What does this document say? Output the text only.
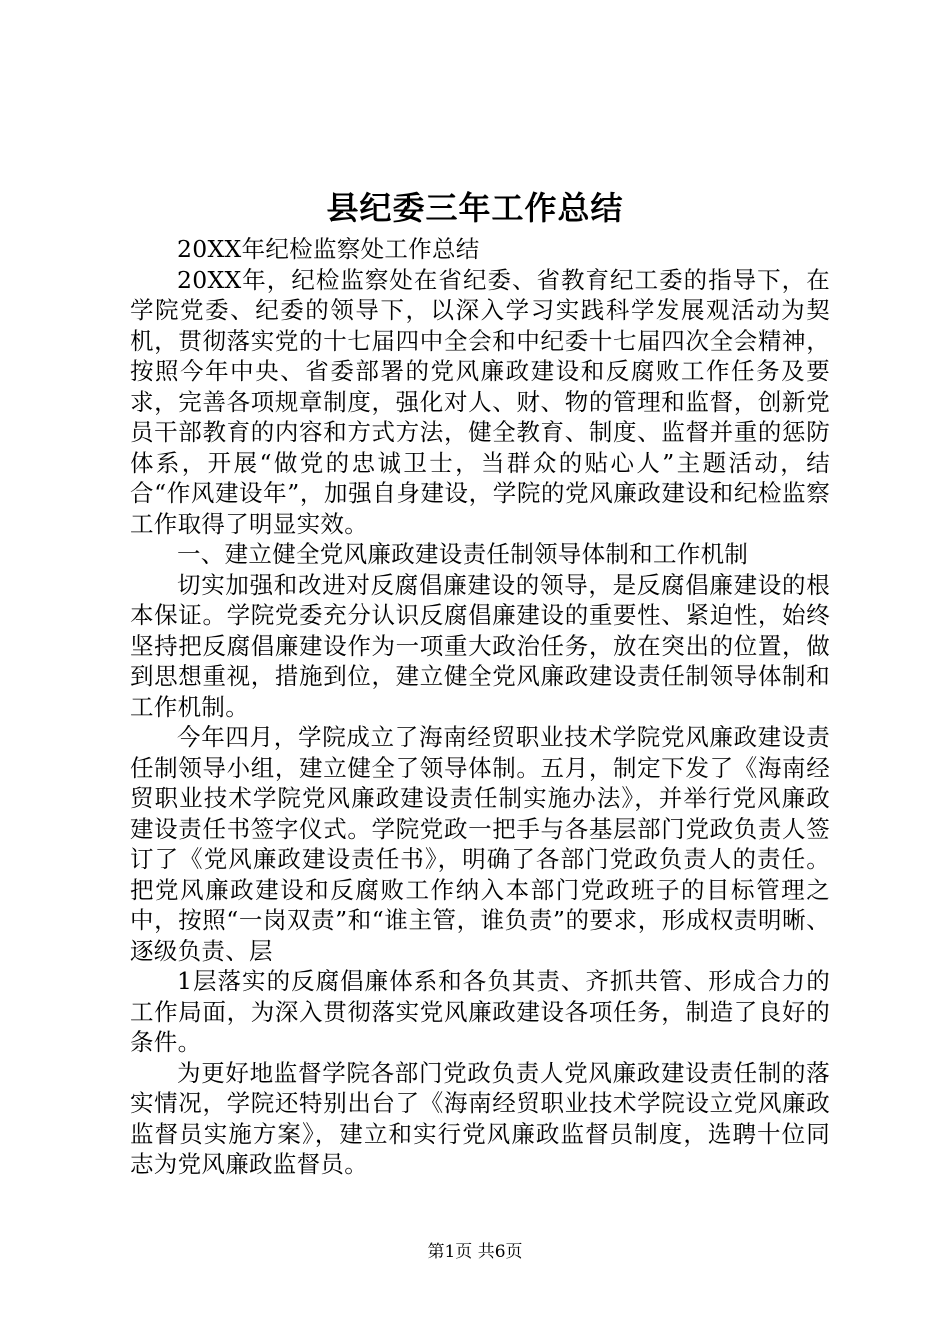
县纪委三年工作总结

20XX年纪检监察处工作总结

20XX年，纪检监察处在省纪委、省教育纪工委的指导下，在学院党委、纪委的领导下，以深入学习实践科学发展观活动为契机，贯彻落实党的十七届四中全会和中纪委十七届四次全会精神，按照今年中央、省委部署的党风廉政建设和反腐败工作任务及要求，完善各项规章制度，强化对人、财、物的管理和监督，创新党员干部教育的内容和方式方法，健全教育、制度、监督并重的惩防体系，开展“做党的忠诚卫士，当群众的贴心人”主题活动，结合“作风建设年”，加强自身建设，学院的党风廉政建设和纪检监察工作取得了明显实效。

一、建立健全党风廉政建设责任制领导体制和工作机制

切实加强和改进对反腐倡廉建设的领导，是反腐倡廉建设的根本保证。学院党委充分认识反腐倡廉建设的重要性、紧迫性，始终坚持把反腐倡廉建设作为一项重大政治任务，放在突出的位置，做到思想重视，措施到位，建立健全党风廉政建设责任制领导体制和工作机制。

今年四月，学院成立了海南经贸职业技术学院党风廉政建设责任制领导小组，建立健全了领导体制。五月，制定下发了《海南经贸职业技术学院党风廉政建设责任制实施办法》，并举行党风廉政建设责任书签字仪式。学院党政一把手与各基层部门党政负责人签订了《党风廉政建设责任书》，明确了各部门党政负责人的责任。把党风廉政建设和反腐败工作纳入本部门党政班子的目标管理之中，按照“一岗双责”和“谁主管，谁负责”的要求，形成权责明晰、逐级负责、层

1层落实的反腐倡廉体系和各负其责、齐抓共管、形成合力的工作局面，为深入贯彻落实党风廉政建设各项任务，制造了良好的条件。

为更好地监督学院各部门党政负责人党风廉政建设责任制的落实情况，学院还特别出台了《海南经贸职业技术学院设立党风廉政监督员实施方案》，建立和实行党风廉政监督员制度，选聘十位同志为党风廉政监督员。

第1页 共6页
